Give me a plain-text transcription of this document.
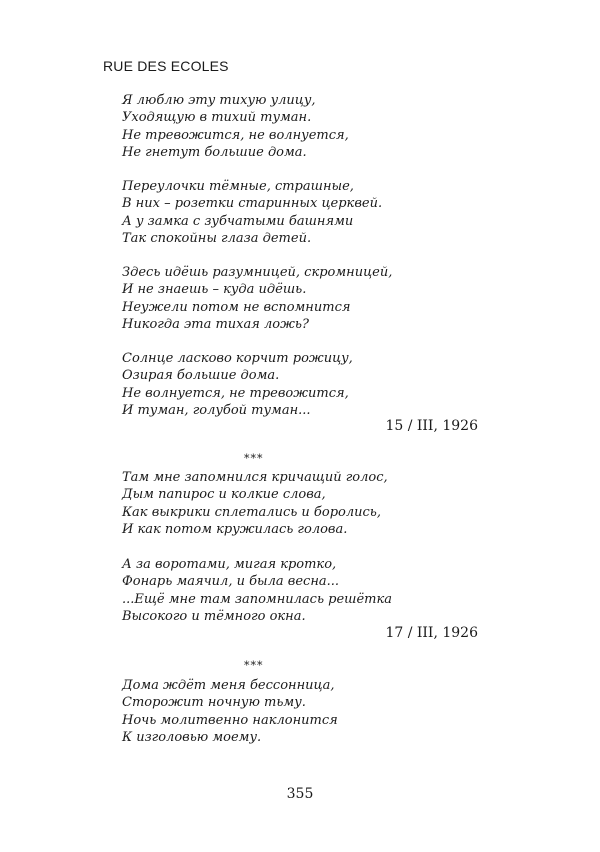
RUE DES ECOLES
Я люблю эту тихую улицу,
Уходящую в тихий туман.
Не тревожится, не волнуется,
Не гнетут большие дома.
Переулочки тёмные, страшные,
В них – розетки старинных церквей.
А у замка с зубчатыми башнями
Так спокойны глаза детей.
Здесь идёшь разумницей, скромницей,
И не знаешь – куда идёшь.
Неужели потом не вспомнится
Никогда эта тихая ложь?
Солнце ласково корчит рожицу,
Озирая большие дома.
Не волнуется, не тревожится,
И туман, голубой туман...
15 / III, 1926
***
Там мне запомнился кричащий голос,
Дым папирос и колкие слова,
Как выкрики сплетались и боролись,
И как потом кружилась голова.
А за воротами, мигая кротко,
Фонарь маячил, и была весна...
...Ещё мне там запомнилась решётка
Высокого и тёмного окна.
17 / III, 1926
***
Дома ждёт меня бессонница,
Сторожит ночную тьму.
Ночь молитвенно наклонится
К изголовью моему.
355
